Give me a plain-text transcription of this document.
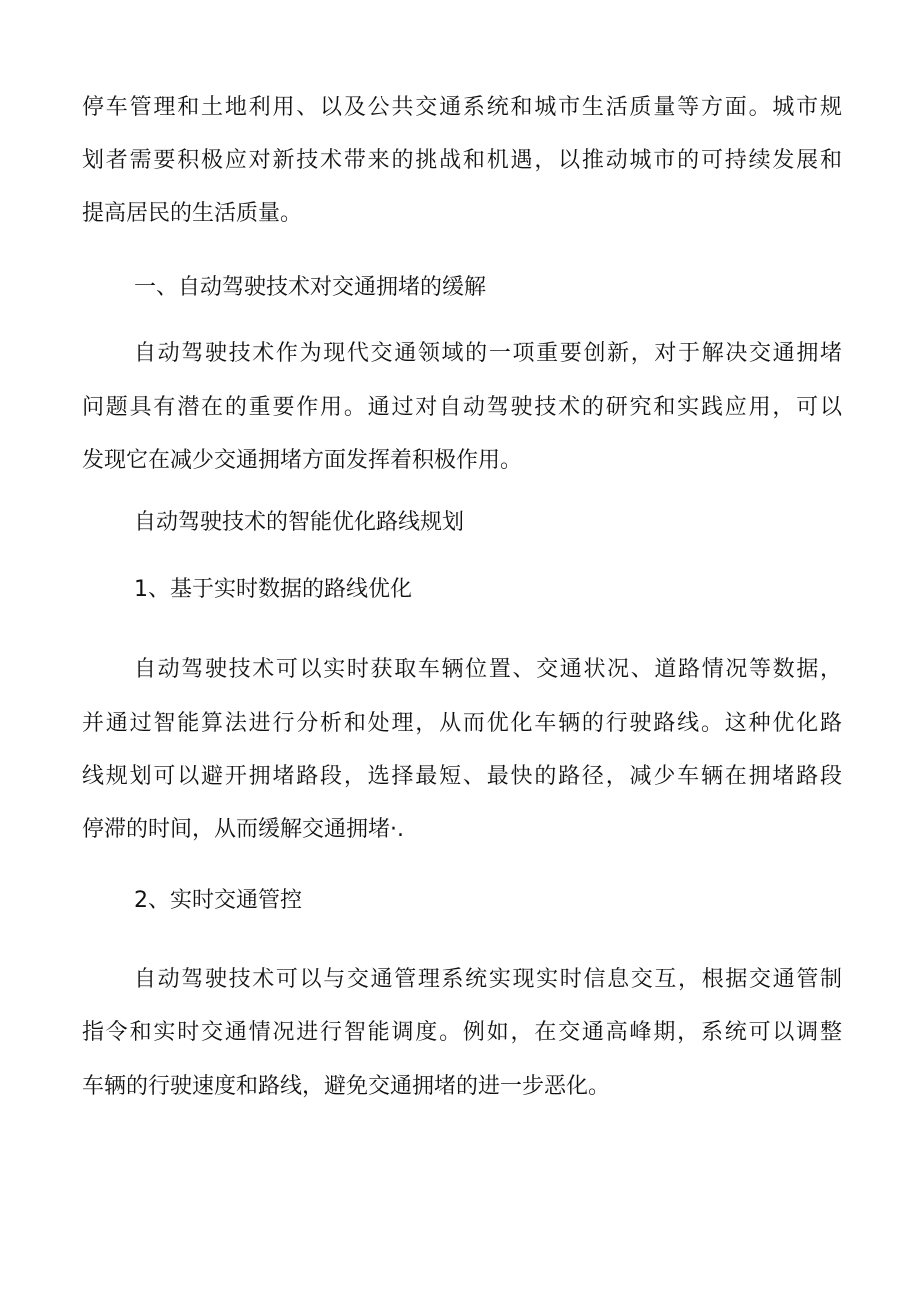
停车管理和土地利用、以及公共交通系统和城市生活质量等方面。城市规
划者需要积极应对新技术带来的挑战和机遇，以推动城市的可持续发展和
提高居民的生活质量。
一、自动驾驶技术对交通拥堵的缓解
自动驾驶技术作为现代交通领域的一项重要创新，对于解决交通拥堵
问题具有潜在的重要作用。通过对自动驾驶技术的研究和实践应用，可以
发现它在减少交通拥堵方面发挥着积极作用。
自动驾驶技术的智能优化路线规划
1、基于实时数据的路线优化
自动驾驶技术可以实时获取车辆位置、交通状况、道路情况等数据，
并通过智能算法进行分析和处理，从而优化车辆的行驶路线。这种优化路
线规划可以避开拥堵路段，选择最短、最快的路径，减少车辆在拥堵路段
停滞的时间，从而缓解交通拥堵·.
2、实时交通管控
自动驾驶技术可以与交通管理系统实现实时信息交互，根据交通管制
指令和实时交通情况进行智能调度。例如，在交通高峰期，系统可以调整
车辆的行驶速度和路线，避免交通拥堵的进一步恶化。
